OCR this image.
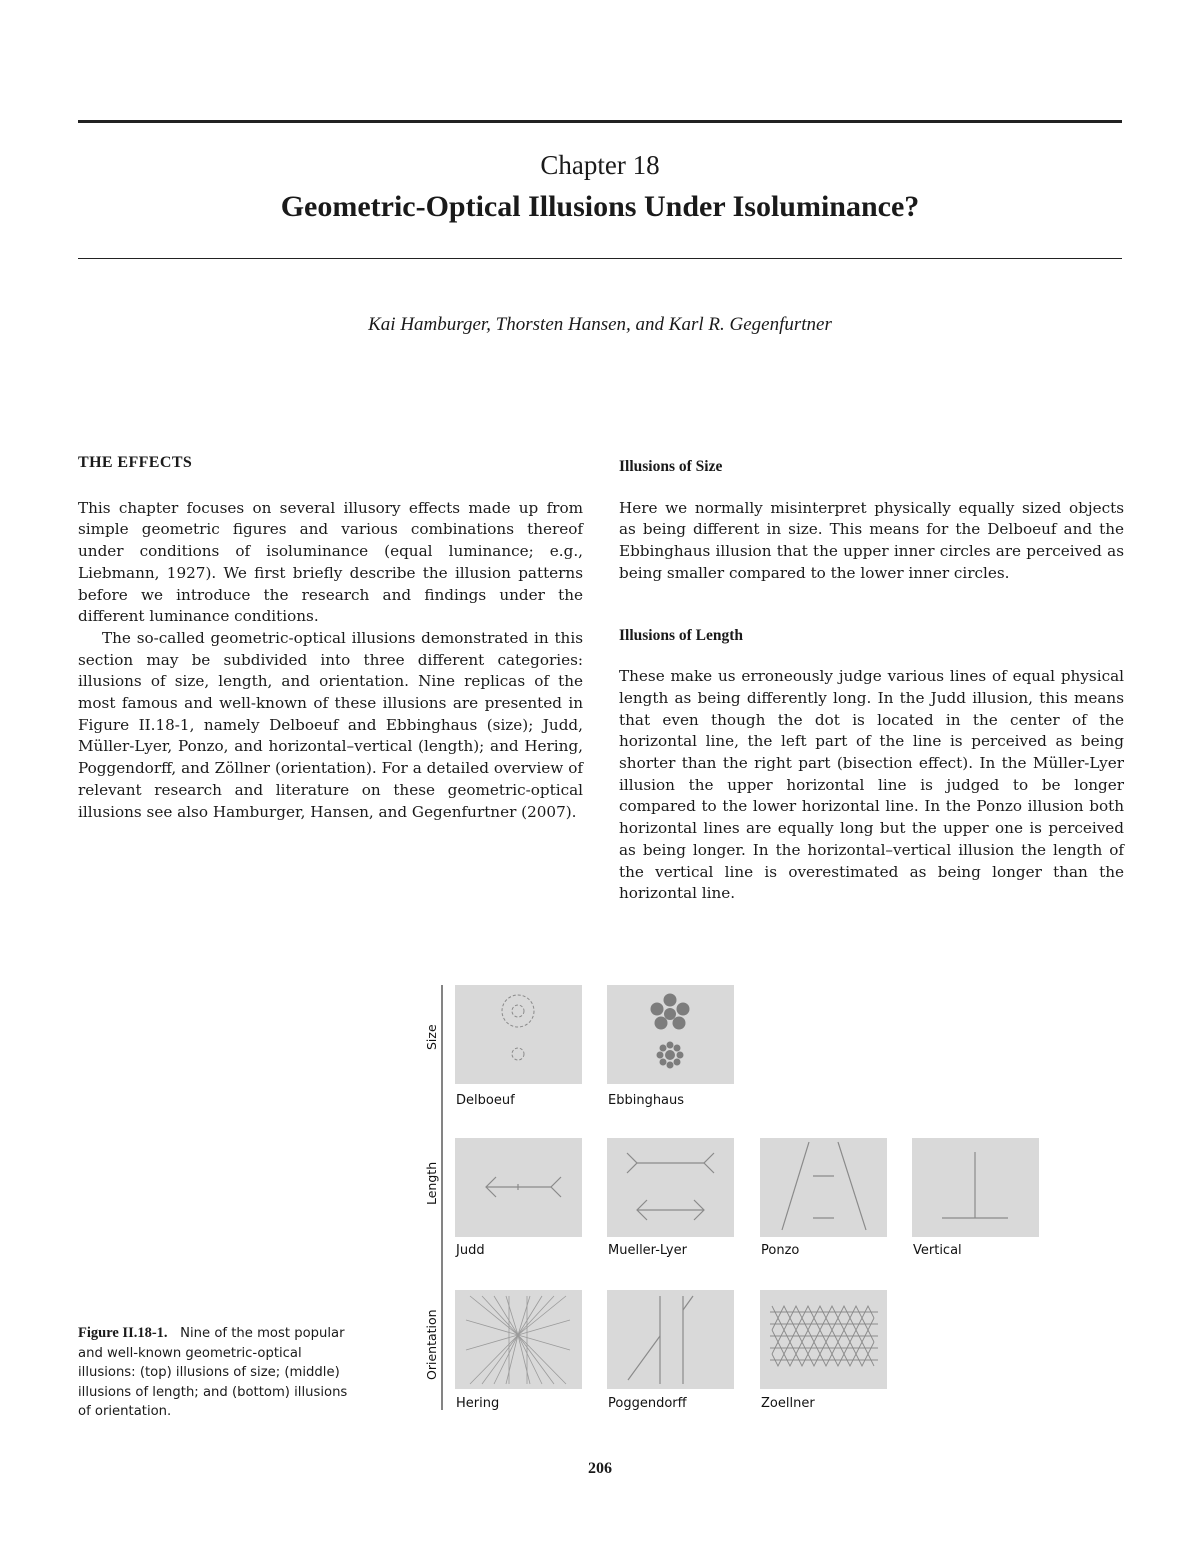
Chapter 18
Geometric-Optical Illusions Under Isoluminance?
Kai Hamburger, Thorsten Hansen, and Karl R. Gegenfurtner
THE EFFECTS

This chapter focuses on several illusory effects made up from simple geometric figures and various combinations thereof under conditions of isoluminance (equal luminance; e.g., Liebmann, 1927). We first briefly describe the illusion patterns before we introduce the research and findings under the different luminance conditions.

The so-called geometric-optical illusions demonstrated in this section may be subdivided into three different categories: illusions of size, length, and orientation. Nine replicas of the most famous and well-known of these illusions are presented in Figure II.18-1, namely Delboeuf and Ebbinghaus (size); Judd, Müller-Lyer, Ponzo, and horizontal–vertical (length); and Hering, Poggendorff, and Zöllner (orientation). For a detailed overview of relevant research and literature on these geometric-optical illusions see also Hamburger, Hansen, and Gegenfurtner (2007).

Illusions of Size

Here we normally misinterpret physically equally sized objects as being different in size. This means for the Delboeuf and the Ebbinghaus illusion that the upper inner circles are perceived as being smaller compared to the lower inner circles.

Illusions of Length

These make us erroneously judge various lines of equal physical length as being differently long. In the Judd illusion, this means that even though the dot is located in the center of the horizontal line, the left part of the line is perceived as being shorter than the right part (bisection effect). In the Müller-Lyer illusion the upper horizontal line is judged to be longer compared to the lower horizontal line. In the Ponzo illusion both horizontal lines are equally long but the upper one is perceived as being longer. In the horizontal–vertical illusion the length of the vertical line is overestimated as being longer than the horizontal line.

Size
Length
Orientation
Delboeuf	Ebbinghaus
Judd	Mueller-Lyer	Ponzo	Vertical
Hering	Poggendorff	Zoellner
Figure II.18-1. Nine of the most popular and well-known geometric-optical illusions: (top) illusions of size; (middle) illusions of length; and (bottom) illusions of orientation.
206
